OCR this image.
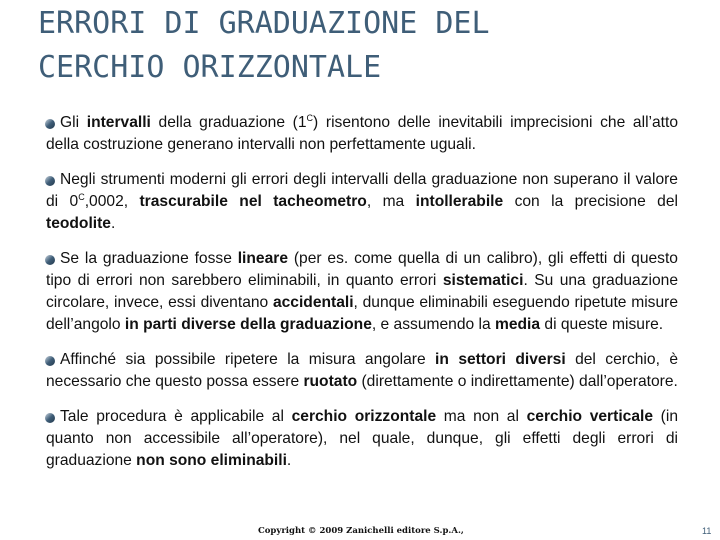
ERRORI DI GRADUAZIONE DEL
CERCHIO ORIZZONTALE
Gli intervalli della graduazione $(1^C)$ risentono delle inevitabili imprecisioni che all’atto della costruzione generano intervalli non perfettamente uguali.
Negli strumenti moderni gli errori degli intervalli della graduazione non superano il valore di $0^C,0002$, trascurabile nel tacheometro, ma intollerabile con la precisione del teodolite.
Se la graduazione fosse lineare (per es. come quella di un calibro), gli effetti di questo tipo di errori non sarebbero eliminabili, in quanto errori sistematici. Su una graduazione circolare, invece, essi diventano accidentali, dunque eliminabili eseguendo ripetute misure dell’angolo in parti diverse della graduazione, e assumendo la media di queste misure.
Affinché sia possibile ripetere la misura angolare in settori diversi del cerchio, è necessario che questo possa essere ruotato (direttamente o indirettamente) dall’operatore.
Tale procedura è applicabile al cerchio orizzontale ma non al cerchio verticale (in quanto non accessibile all’operatore), nel quale, dunque, gli effetti degli errori di graduazione non sono eliminabili.
Copyright © 2009 Zanichelli editore S.p.A.,	11
